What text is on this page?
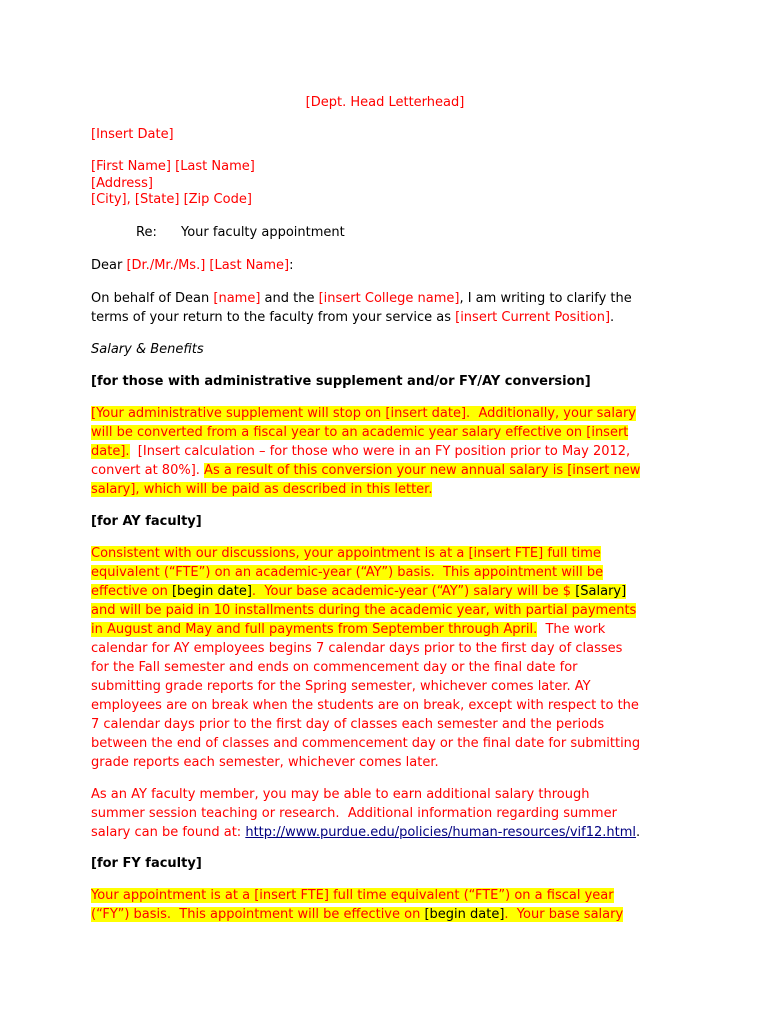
[Dept. Head Letterhead]
[Insert Date]
[First Name] [Last Name]
[Address]
[City], [State] [Zip Code]
Re: Your faculty appointment
Dear [Dr./Mr./Ms.] [Last Name]:
On behalf of Dean [name] and the [insert College name], I am writing to clarify the
terms of your return to the faculty from your service as [insert Current Position].
Salary & Benefits
[for those with administrative supplement and/or FY/AY conversion]
[Your administrative supplement will stop on [insert date].  Additionally, your salary
will be converted from a fiscal year to an academic year salary effective on [insert
date].  [Insert calculation – for those who were in an FY position prior to May 2012,
convert at 80%]. As a result of this conversion your new annual salary is [insert new
salary], which will be paid as described in this letter.
[for AY faculty]
Consistent with our discussions, your appointment is at a [insert FTE] full time
equivalent (“FTE”) on an academic-year (“AY”) basis.  This appointment will be
effective on [begin date].  Your base academic-year (“AY”) salary will be $ [Salary]
and will be paid in 10 installments during the academic year, with partial payments
in August and May and full payments from September through April.  The work
calendar for AY employees begins 7 calendar days prior to the first day of classes
for the Fall semester and ends on commencement day or the final date for
submitting grade reports for the Spring semester, whichever comes later. AY
employees are on break when the students are on break, except with respect to the
7 calendar days prior to the first day of classes each semester and the periods
between the end of classes and commencement day or the final date for submitting
grade reports each semester, whichever comes later.
As an AY faculty member, you may be able to earn additional salary through
summer session teaching or research.  Additional information regarding summer
salary can be found at: http://www.purdue.edu/policies/human-resources/vif12.html.
[for FY faculty]
Your appointment is at a [insert FTE] full time equivalent (“FTE”) on a fiscal year
(“FY”) basis.  This appointment will be effective on [begin date].  Your base salary
